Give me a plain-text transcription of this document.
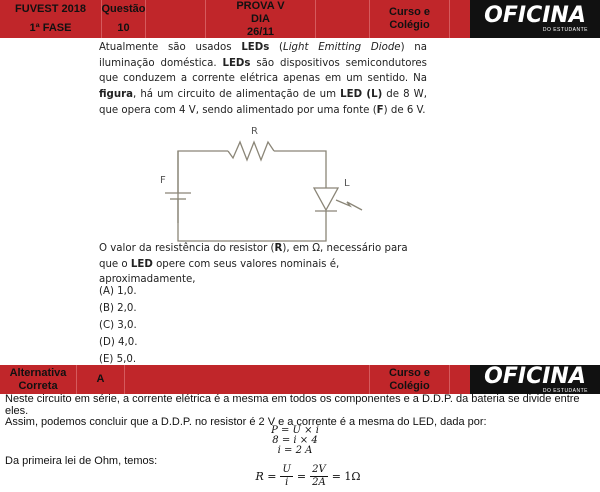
FUVEST 2018
1ª FASE
Questão
10
PROVA V
DIA
26/11
Curso e
Colégio OFICINA
DO ESTUDANTE
Atualmente são usados LEDs (Light Emitting Diode) na iluminação doméstica. LEDs são dispositivos semicondutores que conduzem a corrente elétrica apenas em um sentido. Na figura, há um circuito de alimentação de um LED (L) de 8 W, que opera com 4 V, sendo alimentado por uma fonte (F) de 6 V.
R
F	L
O valor da resistência do resistor (R), em Ω, necessário para que o LED opere com seus valores nominais é, aproximadamente,
(A) 1,0.
(B) 2,0.
(C) 3,0.
(D) 4,0.
(E) 5,0.
Alternativa
Correta
A
Curso e
Colégio OFICINA
DO ESTUDANTE
Neste circuito em série, a corrente elétrica é a mesma em todos os componentes e a D.D.P. da bateria se divide entre eles.
Assim, podemos concluir que a D.D.P. no resistor é 2 V e a corrente é a mesma do LED, dada por:
P = U × i
8 = i × 4
i = 2 A
Da primeira lei de Ohm, temos:
$R = \frac{U}{i} = \frac{2V}{2A} = 1\Omega$
